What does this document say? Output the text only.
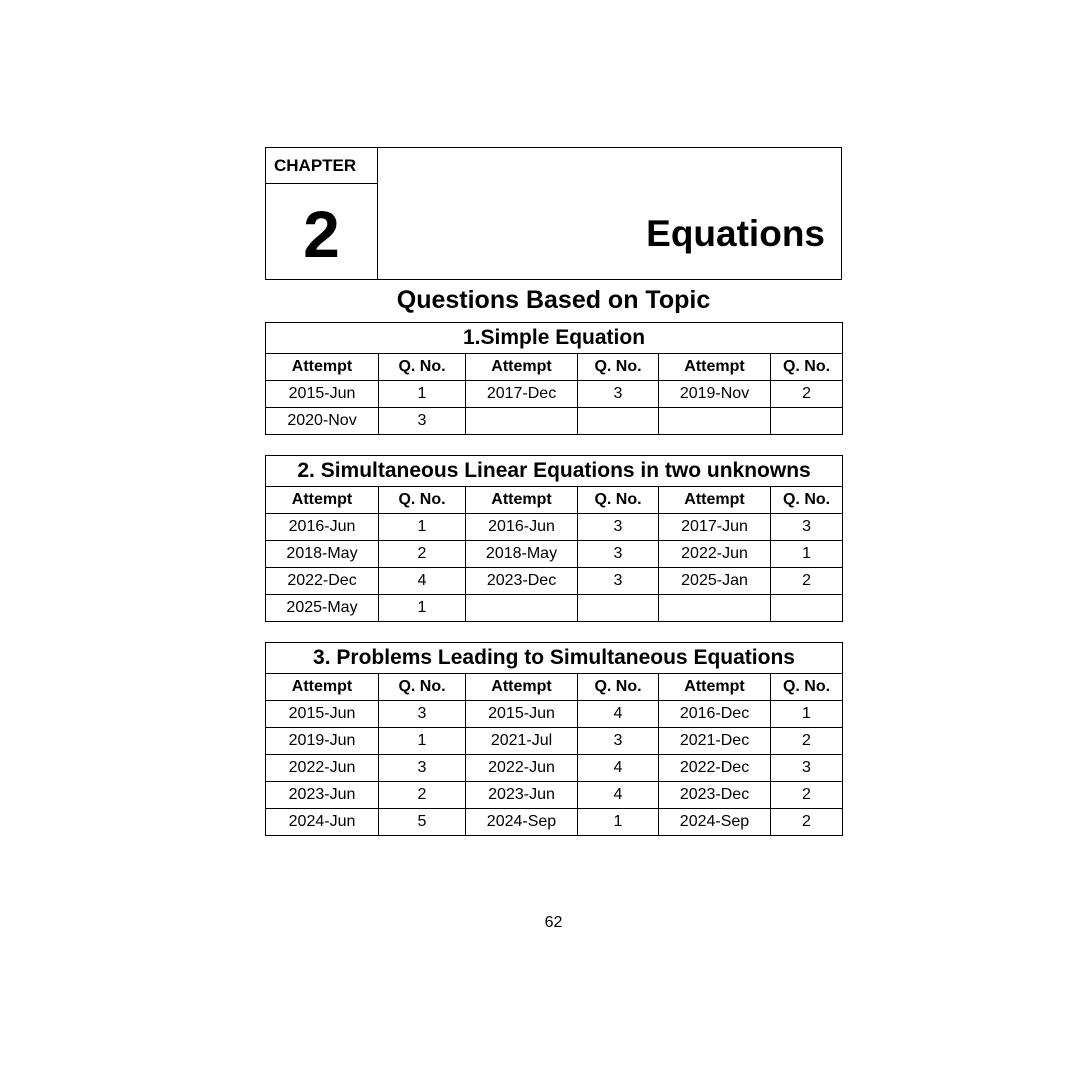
CHAPTER
2	Equations
Questions Based on Topic
1.Simple Equation					
Attempt	Q. No.	Attempt	Q. No.	Attempt	Q. No.
2015-Jun	1	2017-Dec	3	2019-Nov	2
2020-Nov	3				
2. Simultaneous Linear Equations in two unknowns					
Attempt	Q. No.	Attempt	Q. No.	Attempt	Q. No.
2016-Jun	1	2016-Jun	3	2017-Jun	3
2018-May	2	2018-May	3	2022-Jun	1
2022-Dec	4	2023-Dec	3	2025-Jan	2
2025-May	1				
3. Problems Leading to Simultaneous Equations					
Attempt	Q. No.	Attempt	Q. No.	Attempt	Q. No.
2015-Jun	3	2015-Jun	4	2016-Dec	1
2019-Jun	1	2021-Jul	3	2021-Dec	2
2022-Jun	3	2022-Jun	4	2022-Dec	3
2023-Jun	2	2023-Jun	4	2023-Dec	2
2024-Jun	5	2024-Sep	1	2024-Sep	2
62
